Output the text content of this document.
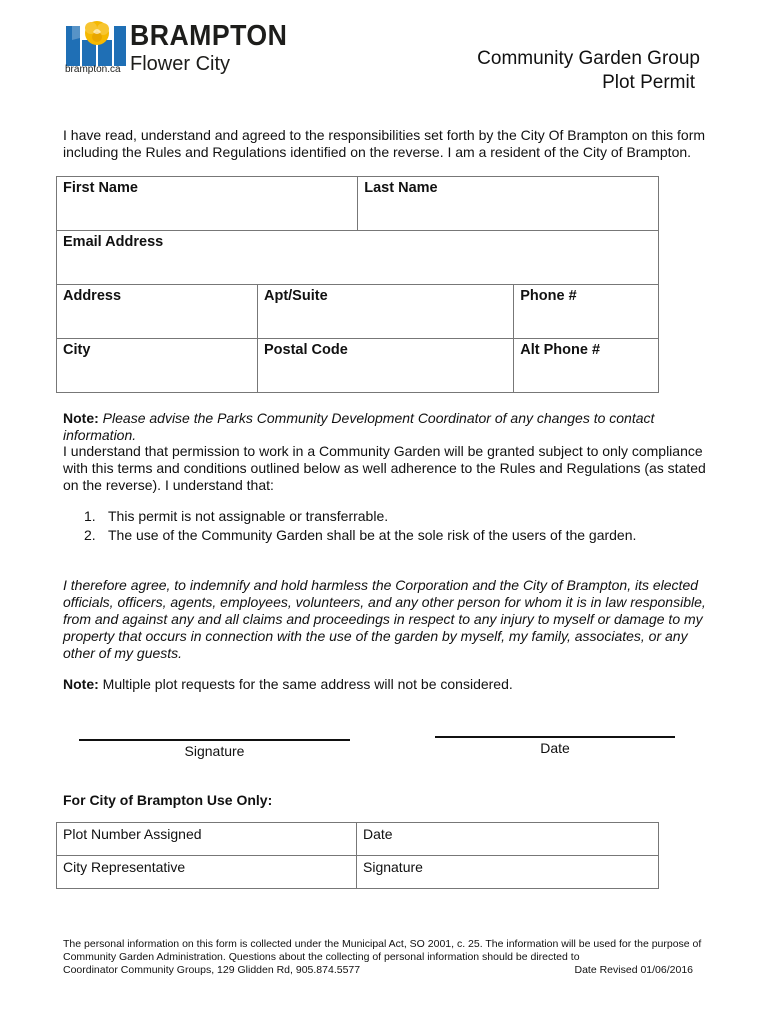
BRAMPTON
Flower City
brampton.ca
Community Garden Group
Plot Permit
I have read, understand and agreed to the responsibilities set forth by the City Of Brampton on this form including the Rules and Regulations identified on the reverse. I am a resident of the City of Brampton.
First Name		Last Name	
Email Address			
Address	Apt/Suite		Phone #
City	Postal Code		Alt Phone #
Note: Please advise the Parks Community Development Coordinator of any changes to contact information.
I understand that permission to work in a Community Garden will be granted subject to only compliance with this terms and conditions outlined below as well adherence to the Rules and Regulations (as stated on the reverse). I understand that:
1. This permit is not assignable or transferrable.
2. The use of the Community Garden shall be at the sole risk of the users of the garden.
I therefore agree, to indemnify and hold harmless the Corporation and the City of Brampton, its elected officials, officers, agents, employees, volunteers, and any other person for whom it is in law responsible, from and against any and all claims and proceedings in respect to any injury to myself or damage to my property that occurs in connection with the use of the garden by myself, my family, associates, or any other of my guests.
Note: Multiple plot requests for the same address will not be considered.
Signature	Date
For City of Brampton Use Only:
Plot Number Assigned	Date
City Representative	Signature
The personal information on this form is collected under the Municipal Act, SO 2001, c. 25. The information will be used for the purpose of Community Garden Administration. Questions about the collecting of personal information should be directed to
Coordinator Community Groups, 129 Glidden Rd, 905.874.5577	Date Revised 01/06/2016
